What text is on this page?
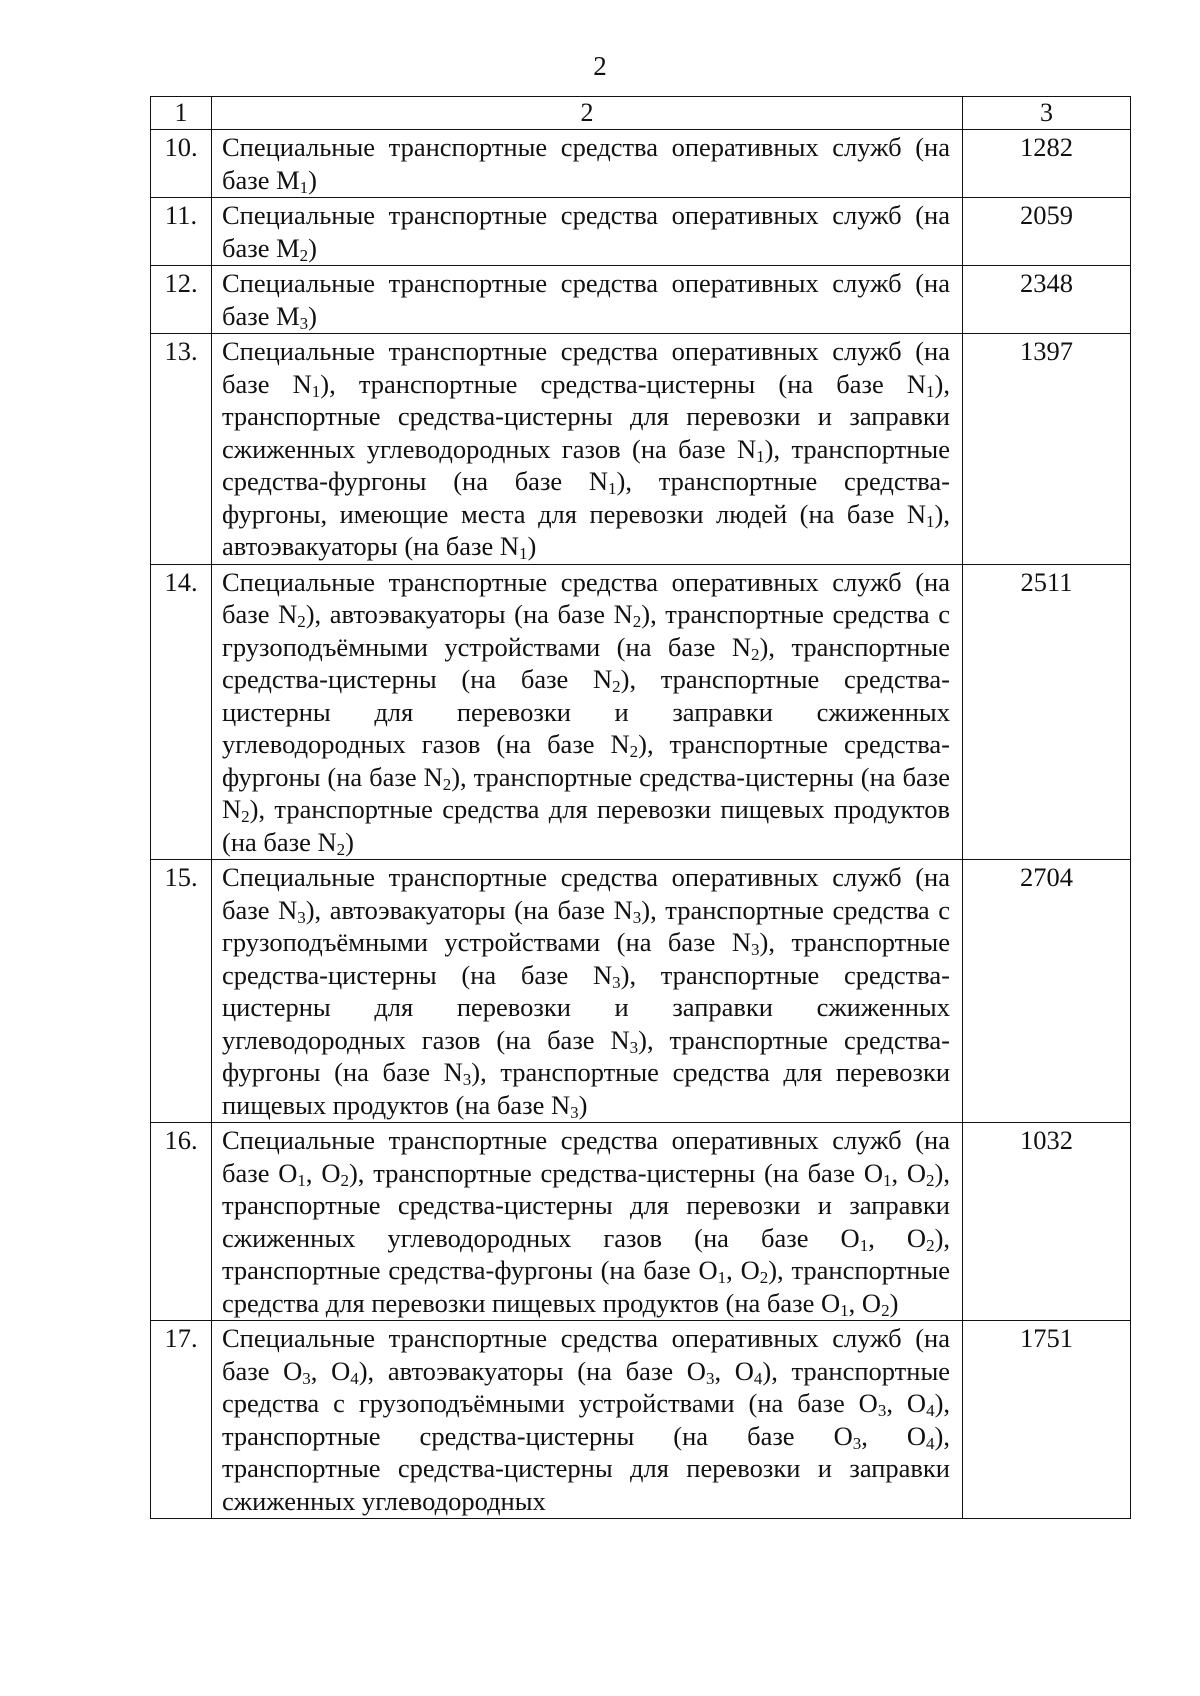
2
1	2	3
10.	Специальные транспортные средства оперативных служб (на базе $M_1$)	1282
11.	Специальные транспортные средства оперативных служб (на базе $M_2$)	2059
12.	Специальные транспортные средства оперативных служб (на базе $M_3$)	2348
13.	Специальные транспортные средства оперативных служб (на базе $N_1$), транспортные средства-цистерны (на базе $N_1$), транспортные средства-цистерны для перевозки и заправки сжиженных углеводородных газов (на базе $N_1$), транспортные средства-фургоны (на базе $N_1$), транспортные средства-фургоны, имеющие места для перевозки людей (на базе $N_1$), автоэвакуаторы (на базе $N_1$)	1397
14.	Специальные транспортные средства оперативных служб (на базе $N_2$), автоэвакуаторы (на базе $N_2$), транспортные средства с грузоподъёмными устройствами (на базе $N_2$), транспортные средства-цистерны (на базе $N_2$), транспортные средства-цистерны для перевозки и заправки сжиженных углеводородных газов (на базе $N_2$), транспортные средства-фургоны (на базе $N_2$), транспортные средства-цистерны (на базе $N_2$), транспортные средства для перевозки пищевых продуктов (на базе $N_2$)	2511
15.	Специальные транспортные средства оперативных служб (на базе $N_3$), автоэвакуаторы (на базе $N_3$), транспортные средства с грузоподъёмными устройствами (на базе $N_3$), транспортные средства-цистерны (на базе $N_3$), транспортные средства-цистерны для перевозки и заправки сжиженных углеводородных газов (на базе $N_3$), транспортные средства-фургоны (на базе $N_3$), транспортные средства для перевозки пищевых продуктов (на базе $N_3$)	2704
16.	Специальные транспортные средства оперативных служб (на базе $O_1$, $O_2$), транспортные средства-цистерны (на базе $O_1$, $O_2$), транспортные средства-цистерны для перевозки и заправки сжиженных углеводородных газов (на базе $O_1$, $O_2$), транспортные средства-фургоны (на базе $O_1$, $O_2$), транспортные средства для перевозки пищевых продуктов (на базе $O_1$, $O_2$)	1032
17.	Специальные транспортные средства оперативных служб (на базе $O_3$, $O_4$), автоэвакуаторы (на базе $O_3$, $O_4$), транспортные средства с грузоподъёмными устройствами (на базе $O_3$, $O_4$), транспортные средства-цистерны (на базе $O_3$, $O_4$), транспортные средства-цистерны для перевозки и заправки сжиженных углеводородных	1751
